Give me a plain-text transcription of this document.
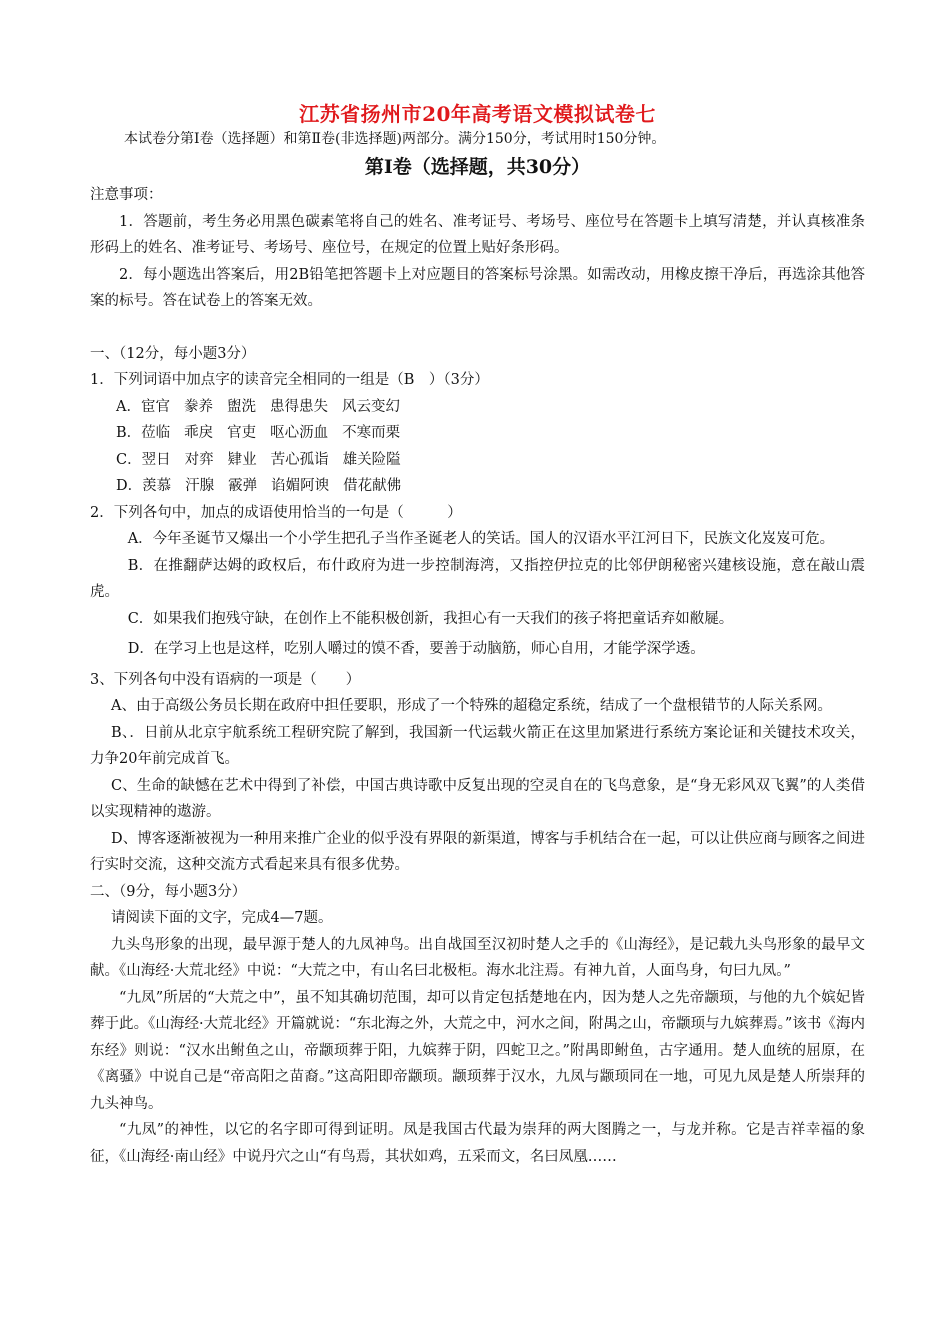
江苏省扬州市20年高考语文模拟试卷七

本试卷分第Ⅰ卷（选择题）和第Ⅱ卷(非选择题)两部分。满分150分，考试用时150分钟。

第Ⅰ卷（选择题，共30分）

注意事项：

1．答题前，考生务必用黑色碳素笔将自己的姓名、准考证号、考场号、座位号在答题卡上填写清楚，并认真核准条形码上的姓名、准考证号、考场号、座位号，在规定的位置上贴好条形码。

2．每小题选出答案后，用2B铅笔把答题卡上对应题目的答案标号涂黑。如需改动，用橡皮擦干净后，再选涂其他答案的标号。答在试卷上的答案无效。

一、（12分，每小题3分）

1．下列词语中加点字的读音完全相同的一组是（B　）（3分）

A．宦官 豢养 盥洗 患得患失 风云变幻

B．莅临 乖戾 官吏 呕心沥血 不寒而栗

C．翌日 对弈 肄业 苦心孤诣 雄关险隘

D．羡慕 汗腺 霰弹 谄媚阿谀 借花献佛

2．下列各句中，加点的成语使用恰当的一句是（　　　）

A．今年圣诞节又爆出一个小学生把孔子当作圣诞老人的笑话。国人的汉语水平江河日下，民族文化岌岌可危。

B．在推翻萨达姆的政权后，布什政府为进一步控制海湾，又指控伊拉克的比邻伊朗秘密兴建核设施，意在敲山震虎。

C．如果我们抱残守缺，在创作上不能积极创新，我担心有一天我们的孩子将把童话弃如敝屣。

D．在学习上也是这样，吃别人嚼过的馍不香，要善于动脑筋，师心自用，才能学深学透。

3、下列各句中没有语病的一项是（　　）

A、由于高级公务员长期在政府中担任要职，形成了一个特殊的超稳定系统，结成了一个盘根错节的人际关系网。

B、．日前从北京宇航系统工程研究院了解到，我国新一代运载火箭正在这里加紧进行系统方案论证和关键技术攻关，力争20年前完成首飞。

C、生命的缺憾在艺术中得到了补偿，中国古典诗歌中反复出现的空灵自在的飞鸟意象，是“身无彩风双飞翼”的人类借以实现精神的遨游。

D、博客逐渐被视为一种用来推广企业的似乎没有界限的新渠道，博客与手机结合在一起，可以让供应商与顾客之间进行实时交流，这种交流方式看起来具有很多优势。

二、（9分，每小题3分）

请阅读下面的文字，完成4—7题。

九头鸟形象的出现，最早源于楚人的九凤神鸟。出自战国至汉初时楚人之手的《山海经》，是记载九头鸟形象的最早文献。《山海经·大荒北经》中说：“大荒之中，有山名曰北极柜。海水北注焉。有神九首，人面鸟身，句曰九凤。”

“九凤”所居的“大荒之中”，虽不知其确切范围，却可以肯定包括楚地在内，因为楚人之先帝颛顼，与他的九个嫔妃皆葬于此。《山海经·大荒北经》开篇就说：“东北海之外，大荒之中，河水之间，附禺之山，帝颛顼与九嫔葬焉。”该书《海内东经》则说：“汉水出鲋鱼之山，帝颛顼葬于阳，九嫔葬于阴，四蛇卫之。”附禺即鲋鱼，古字通用。楚人血统的屈原，在《离骚》中说自己是“帝高阳之苗裔。”这高阳即帝颛顼。颛顼葬于汉水，九凤与颛顼同在一地，可见九凤是楚人所崇拜的九头神鸟。

“九凤”的神性，以它的名字即可得到证明。凤是我国古代最为崇拜的两大图腾之一，与龙并称。它是吉祥幸福的象征，《山海经·南山经》中说丹穴之山“有鸟焉，其状如鸡，五采而文，名曰凤凰……
